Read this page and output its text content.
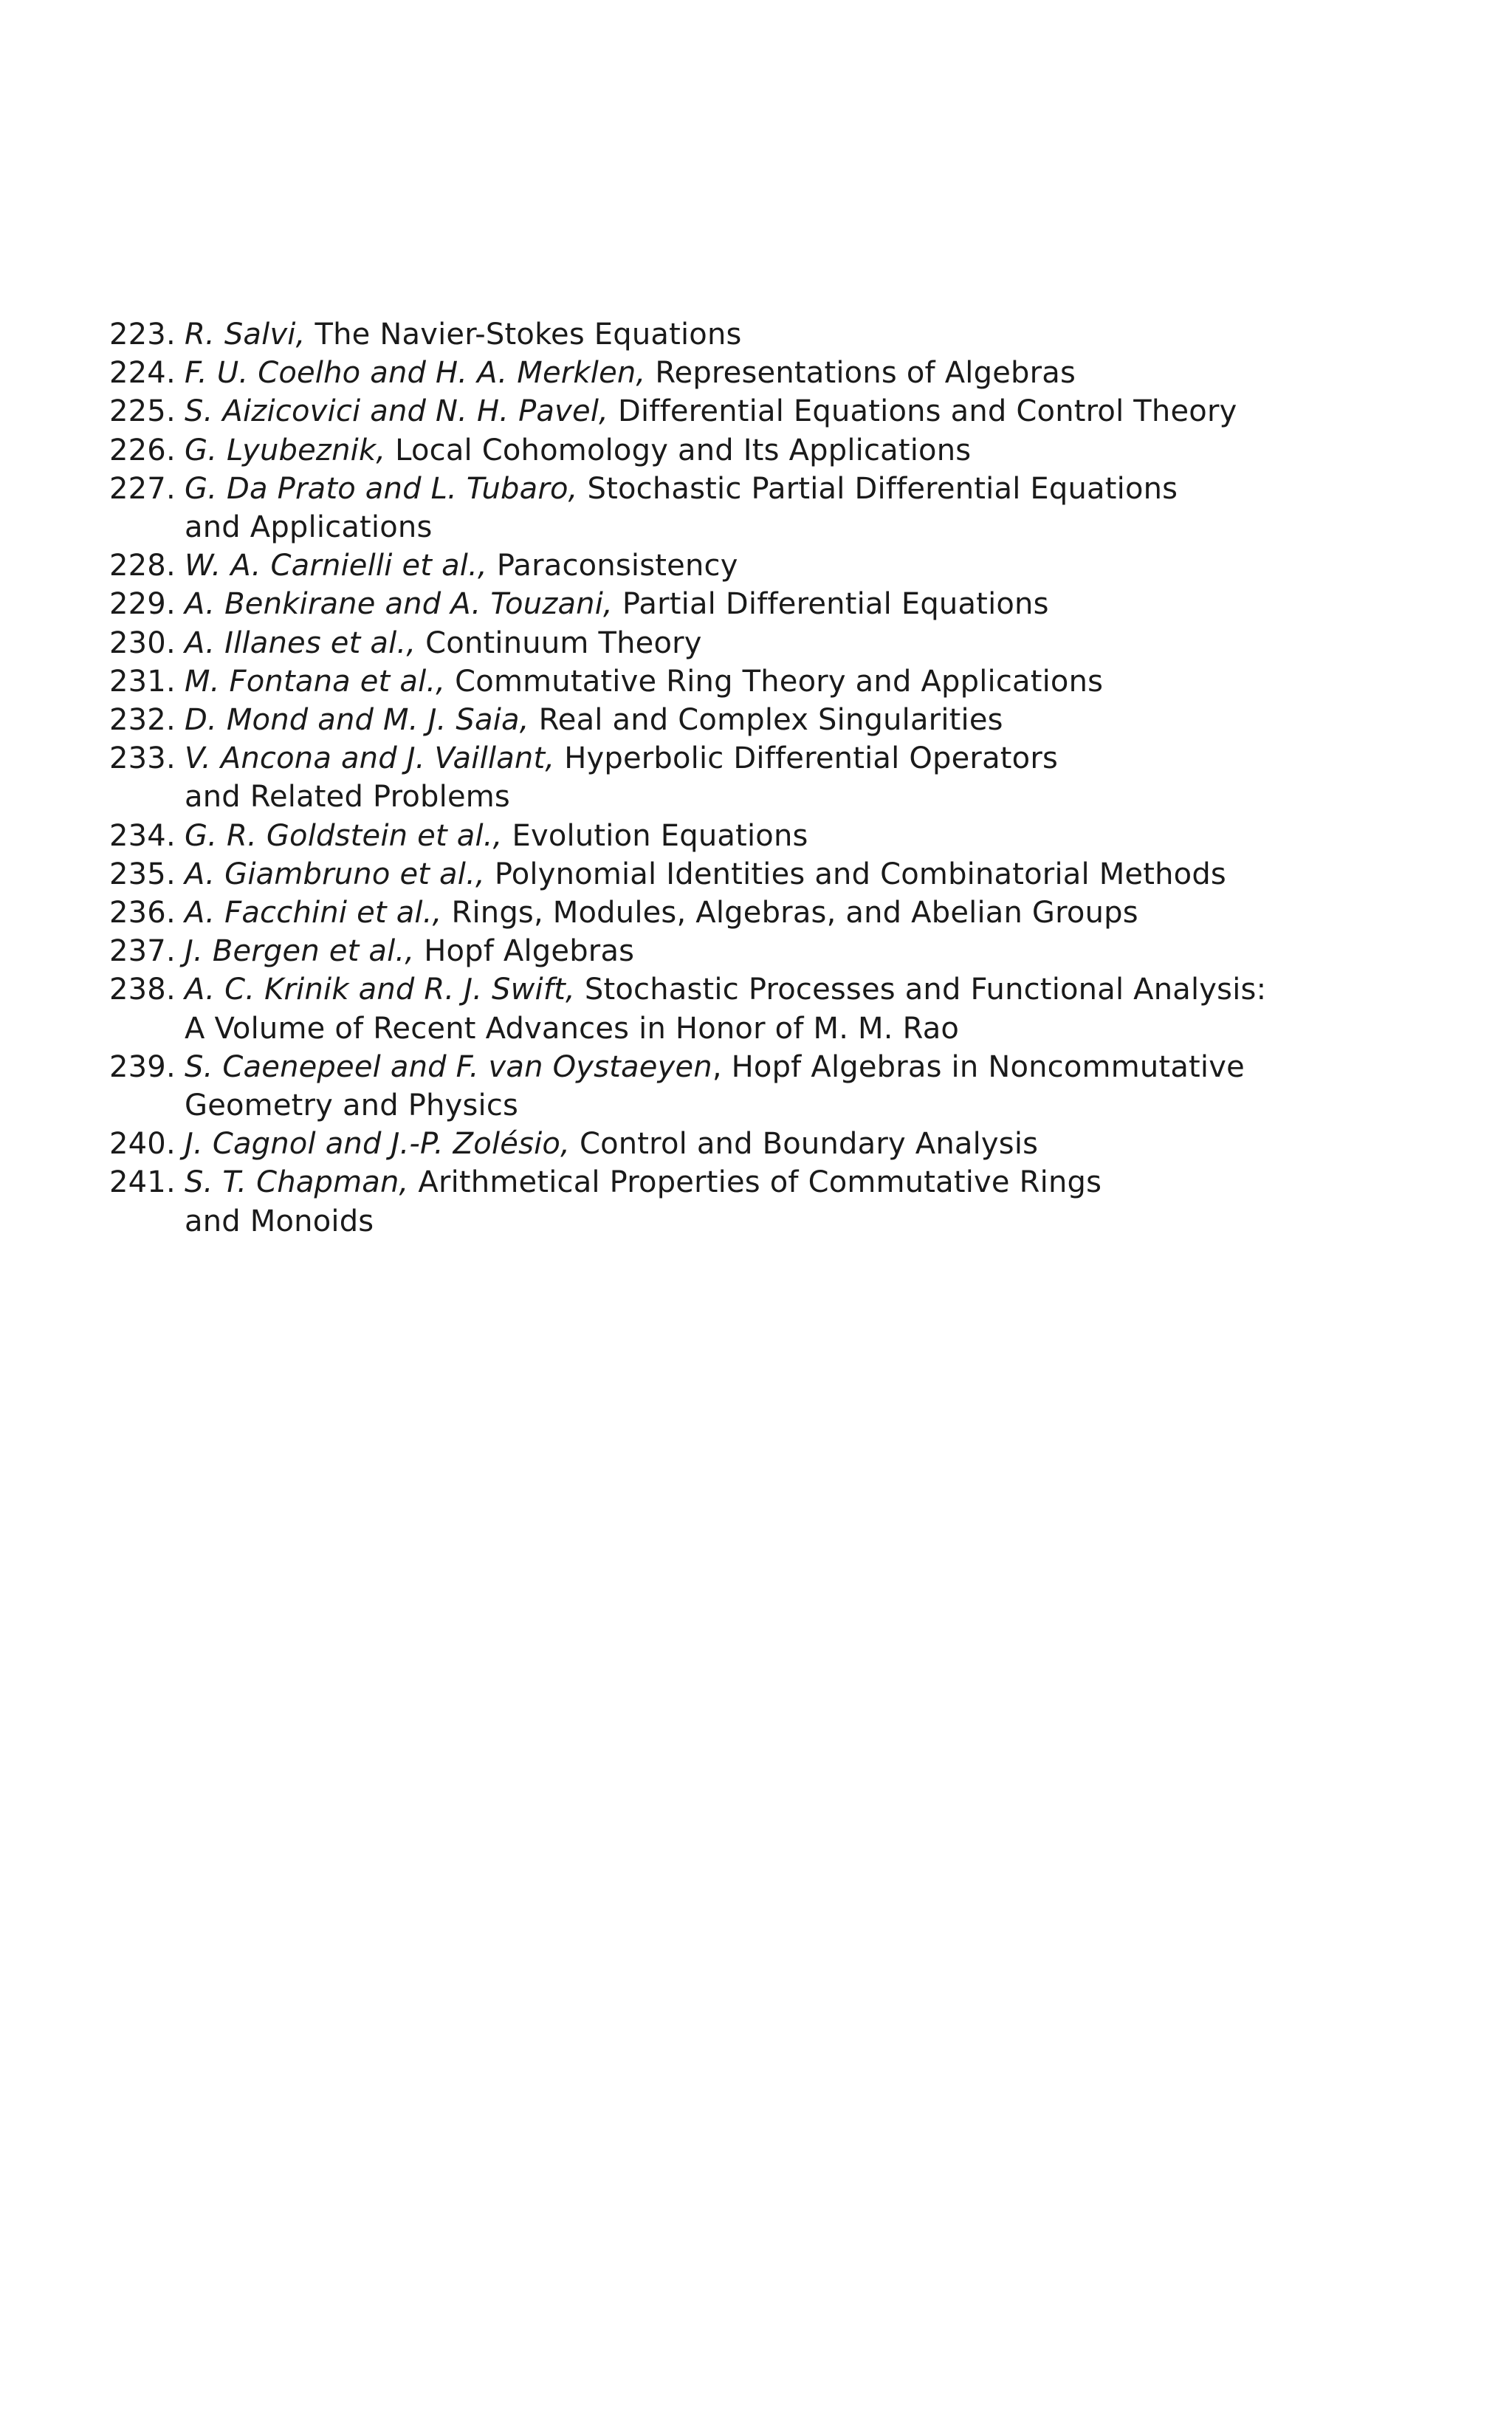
223. R. Salvi, The Navier-Stokes Equations
224. F. U. Coelho and H. A. Merklen, Representations of Algebras
225. S. Aizicovici and N. H. Pavel, Differential Equations and Control Theory
226. G. Lyubeznik, Local Cohomology and Its Applications
227. G. Da Prato and L. Tubaro, Stochastic Partial Differential Equations
and Applications
228. W. A. Carnielli et al., Paraconsistency
229. A. Benkirane and A. Touzani, Partial Differential Equations
230. A. Illanes et al., Continuum Theory
231. M. Fontana et al., Commutative Ring Theory and Applications
232. D. Mond and M. J. Saia, Real and Complex Singularities
233. V. Ancona and J. Vaillant, Hyperbolic Differential Operators
and Related Problems
234. G. R. Goldstein et al., Evolution Equations
235. A. Giambruno et al., Polynomial Identities and Combinatorial Methods
236. A. Facchini et al., Rings, Modules, Algebras, and Abelian Groups
237. J. Bergen et al., Hopf Algebras
238. A. C. Krinik and R. J. Swift, Stochastic Processes and Functional Analysis:
A Volume of Recent Advances in Honor of M. M. Rao
239. S. Caenepeel and F. van Oystaeyen, Hopf Algebras in Noncommutative
Geometry and Physics
240. J. Cagnol and J.-P. Zolésio, Control and Boundary Analysis
241. S. T. Chapman, Arithmetical Properties of Commutative Rings
and Monoids
